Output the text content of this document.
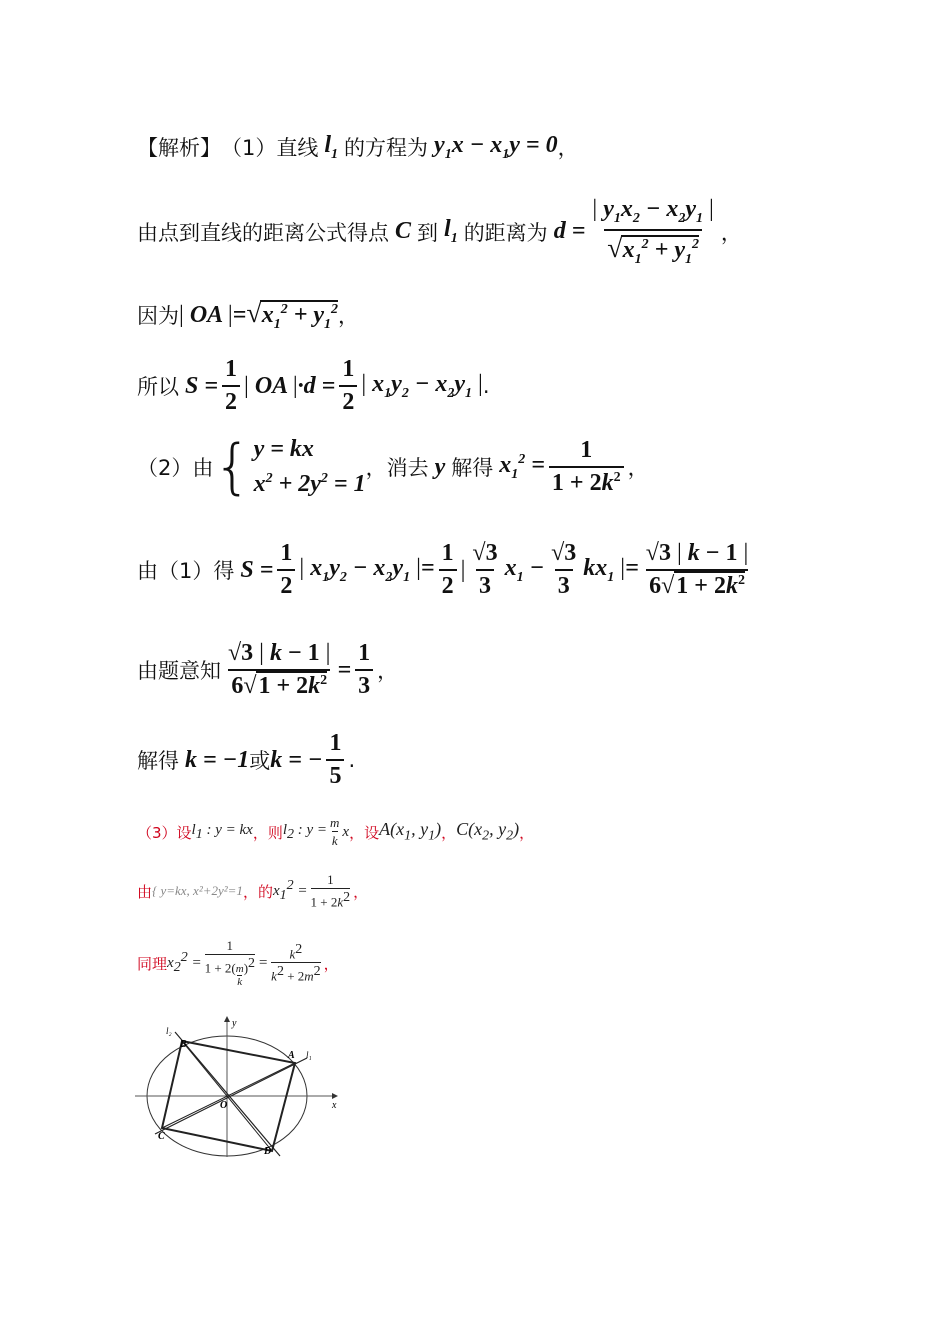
【解析】 （1）直线 $l_1$ 的方程为 $y_1x - x_1y = 0$ ，
由点到直线的距离公式得点 C 到 $l_1$ 的距离为 $d = \frac{| y_1x_2 - x_2y_1 |}{√x_1^2 + y_1^2}$ ，
因为 | OA |= $√x_1^2 + y_1^2$ ，
所以 $S = \frac{1}{2}$ | OA $|\cdot d = \frac{1}{2}$ | $x_1y_2 - x_2y_1$ | .
（2）由 { y = kx
$x^2 + 2y^2 = 1$
，消去 y 解得 $x_1^2 = \frac{1}{1 + 2k^2}$ ，
由（1）得 $S = \frac{1}{2}$ | $x_1y_2 - x_2y_1$ |= $\frac{1}{2}$ | $\frac{√3}{3} x_1 - \frac{√3}{3} kx_1$ |= $\frac{√3 | k - 1 |}{6√1 + 2k^2}$
由题意知 $\frac{√3 | k - 1 |}{6√1 + 2k^2} = \frac{1}{3}$ ，
解得 k = −1 或 k = − $\frac{1}{5}$ .
（3）设 $l_1$ : y = kx ，则 $l_2$ : $y = \frac{m}{k}$ x ，设 $A(x_1$, $y_1$) ， $C(x_2$, $y_2$) ，
由 { y=kx, x²+2y²=1 ，的 $x_1^2 = \frac{1}{1 + 2k^2}$ ，
同理 $x_2^2 = \frac{1}{1 + 2( \frac{m}{k} )^2} = \frac{k^2}{k^2 + 2m^2}$ ，
y
x
O
A
B
C
D
l₁
l₂
